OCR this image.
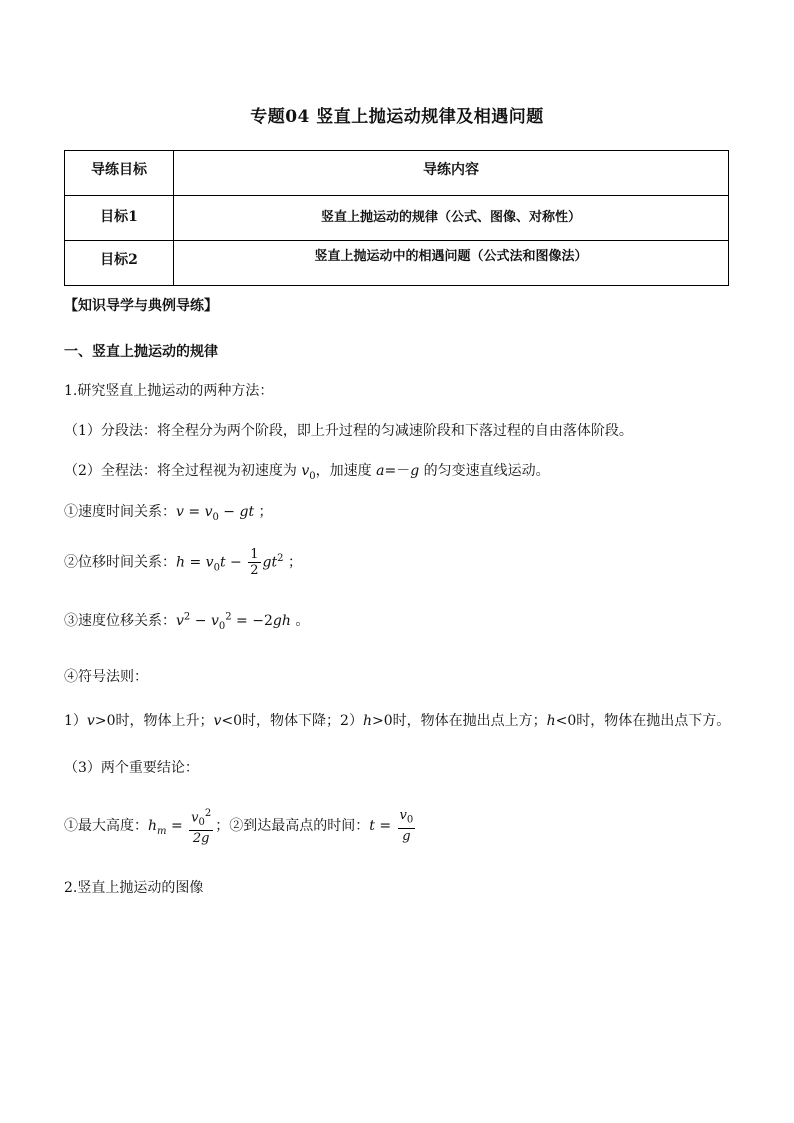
专题04 竖直上抛运动规律及相遇问题
导练目标	导练内容
目标1	竖直上抛运动的规律（公式、图像、对称性）
目标2	竖直上抛运动中的相遇问题（公式法和图像法）
【知识导学与典例导练】
一、竖直上抛运动的规律
1.研究竖直上抛运动的两种方法：
（1）分段法：将全程分为两个阶段，即上升过程的匀减速阶段和下落过程的自由落体阶段。
（2）全程法：将全过程视为初速度为 $v_0$，加速度 a=－g 的匀变速直线运动。
①速度时间关系：$v = v_0$ − gt ；
②位移时间关系：$h = v_0t - \frac{1}{2} gt^2$ ；
③速度位移关系：$v^2 - v_0^2 = -2gh$ 。
④符号法则：
1）v>0时，物体上升；v<0时，物体下降；2）h>0时，物体在抛出点上方；h<0时，物体在抛出点下方。
（3）两个重要结论：
①最大高度：$h_m = \frac{v_0^2}{2g}$ ；②到达最高点的时间：$t = \frac{v_0}{g}$
2.竖直上抛运动的图像
